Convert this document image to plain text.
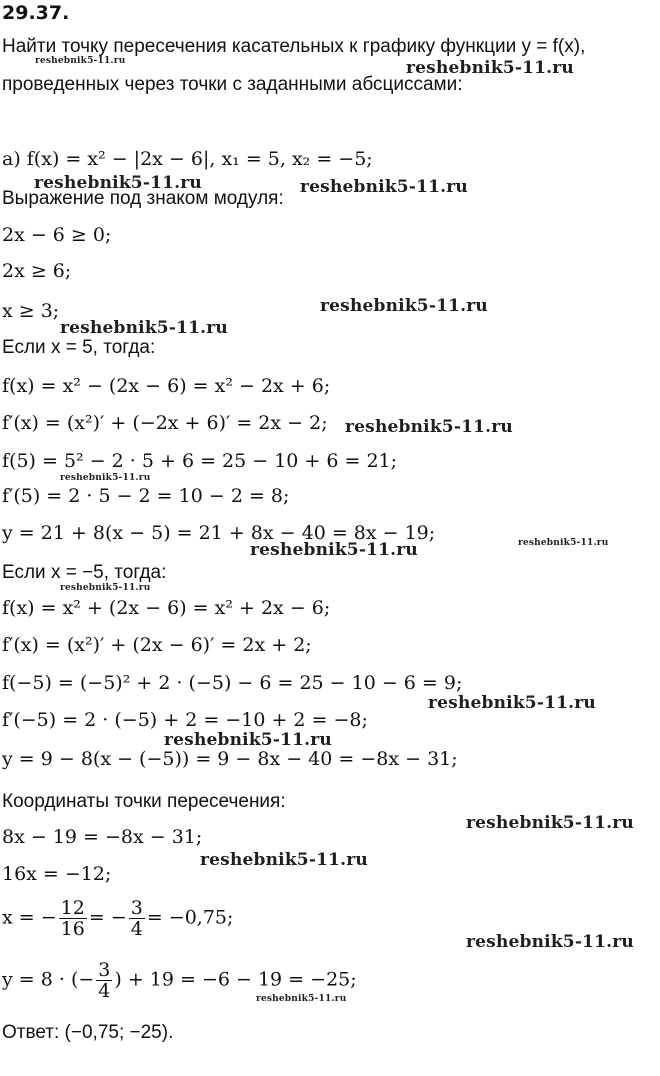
29.37.
Найти точку пересечения касательных к графику функции y = f(x),
проведенных через точки с заданными абсциссами:
а) f(x) = x² − |2x − 6|, x₁ = 5, x₂ = −5;
Выражение под знаком модуля:
2x − 6 ≥ 0;
2x ≥ 6;
x ≥ 3;
Если x = 5, тогда:
f(x) = x² − (2x − 6) = x² − 2x + 6;
f′(x) = (x²)′ + (−2x + 6)′ = 2x − 2;
f(5) = 5² − 2 · 5 + 6 = 25 − 10 + 6 = 21;
f′(5) = 2 · 5 − 2 = 10 − 2 = 8;
y = 21 + 8(x − 5) = 21 + 8x − 40 = 8x − 19;
Если x = −5, тогда:
f(x) = x² + (2x − 6) = x² + 2x − 6;
f′(x) = (x²)′ + (2x − 6)′ = 2x + 2;
f(−5) = (−5)² + 2 · (−5) − 6 = 25 − 10 − 6 = 9;
f′(−5) = 2 · (−5) + 2 = −10 + 2 = −8;
y = 9 − 8(x − (−5)) = 9 − 8x − 40 = −8x − 31;
Координаты точки пересечения:
8x − 19 = −8x − 31;
16x = −12;
x = − $\frac{12}{16}$ = − $\frac{3}{4} = -0,75$;
y = 8 · (− $\frac{3}{4}$ ) + 19 = −6 − 19 = −25;
Ответ: (−0,75; −25).
reshebnik5-11.ru	reshebnik5-11.ru
reshebnik5-11.ru	reshebnik5-11.ru
reshebnik5-11.ru
reshebnik5-11.ru
reshebnik5-11.ru
reshebnik5-11.ru
reshebnik5-11.ru	reshebnik5-11.ru
reshebnik5-11.ru
reshebnik5-11.ru
reshebnik5-11.ru
reshebnik5-11.ru
reshebnik5-11.ru
reshebnik5-11.ru
reshebnik5-11.ru
